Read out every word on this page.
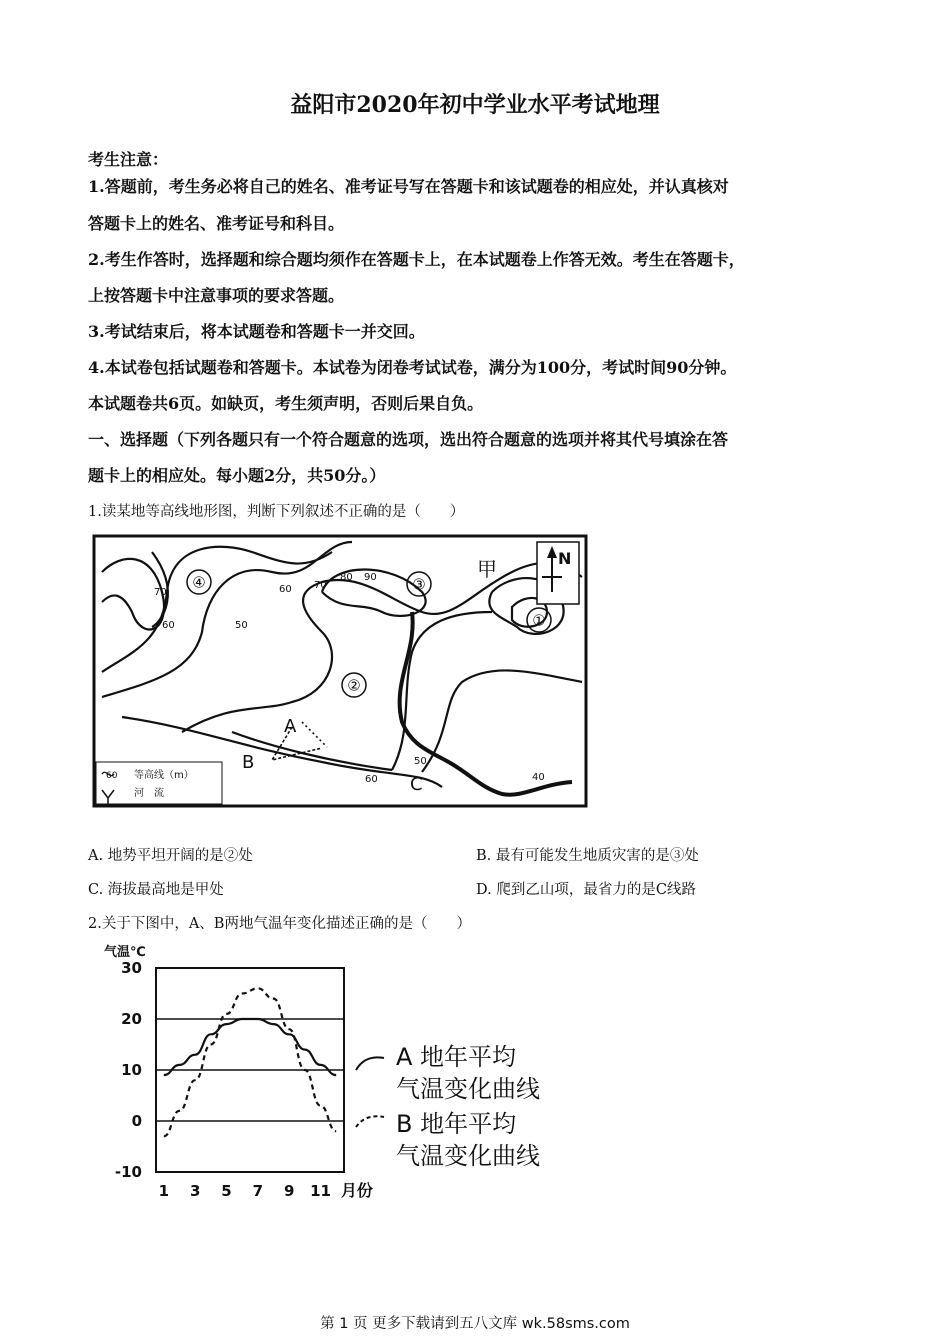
益阳市2020年初中学业水平考试地理
考生注意：
1.答题前，考生务必将自己的姓名、准考证号写在答题卡和该试题卷的相应处，并认真核对
答题卡上的姓名、准考证号和科目。
2.考生作答时，选择题和综合题均须作在答题卡上，在本试题卷上作答无效。考生在答题卡，
上按答题卡中注意事项的要求答题。
3.考试结束后，将本试题卷和答题卡一并交回。
4.本试卷包括试题卷和答题卡。本试卷为闭卷考试试卷，满分为100分，考试时间90分钟。
本试题卷共6页。如缺页，考生须声明，否则后果自负。
一、选择题（下列各题只有一个符合题意的选项，选出符合题意的选项并将其代号填涂在答
题卡上的相应处。每小题2分，共50分。）
1.读某地等高线地形图，判断下列叙述不正确的是（　　）
④	③
①
②
甲
A
B
C
70
60
60 70
80 90
50
50
60	40
N
60 等高线（m）
河　流
A. 地势平坦开阔的是②处	B. 最有可能发生地质灾害的是③处
C. 海拔最高地是甲处	D. 爬到乙山项，最省力的是C线路
2.关于下图中，A、B两地气温年变化描述正确的是（　　）
气温℃
30
20
10
0
-10
1 3 5 7 9 11 月份
A 地年平均
气温变化曲线
B 地年平均
气温变化曲线
第 1 页 更多下载请到五八文库 wk.58sms.com
